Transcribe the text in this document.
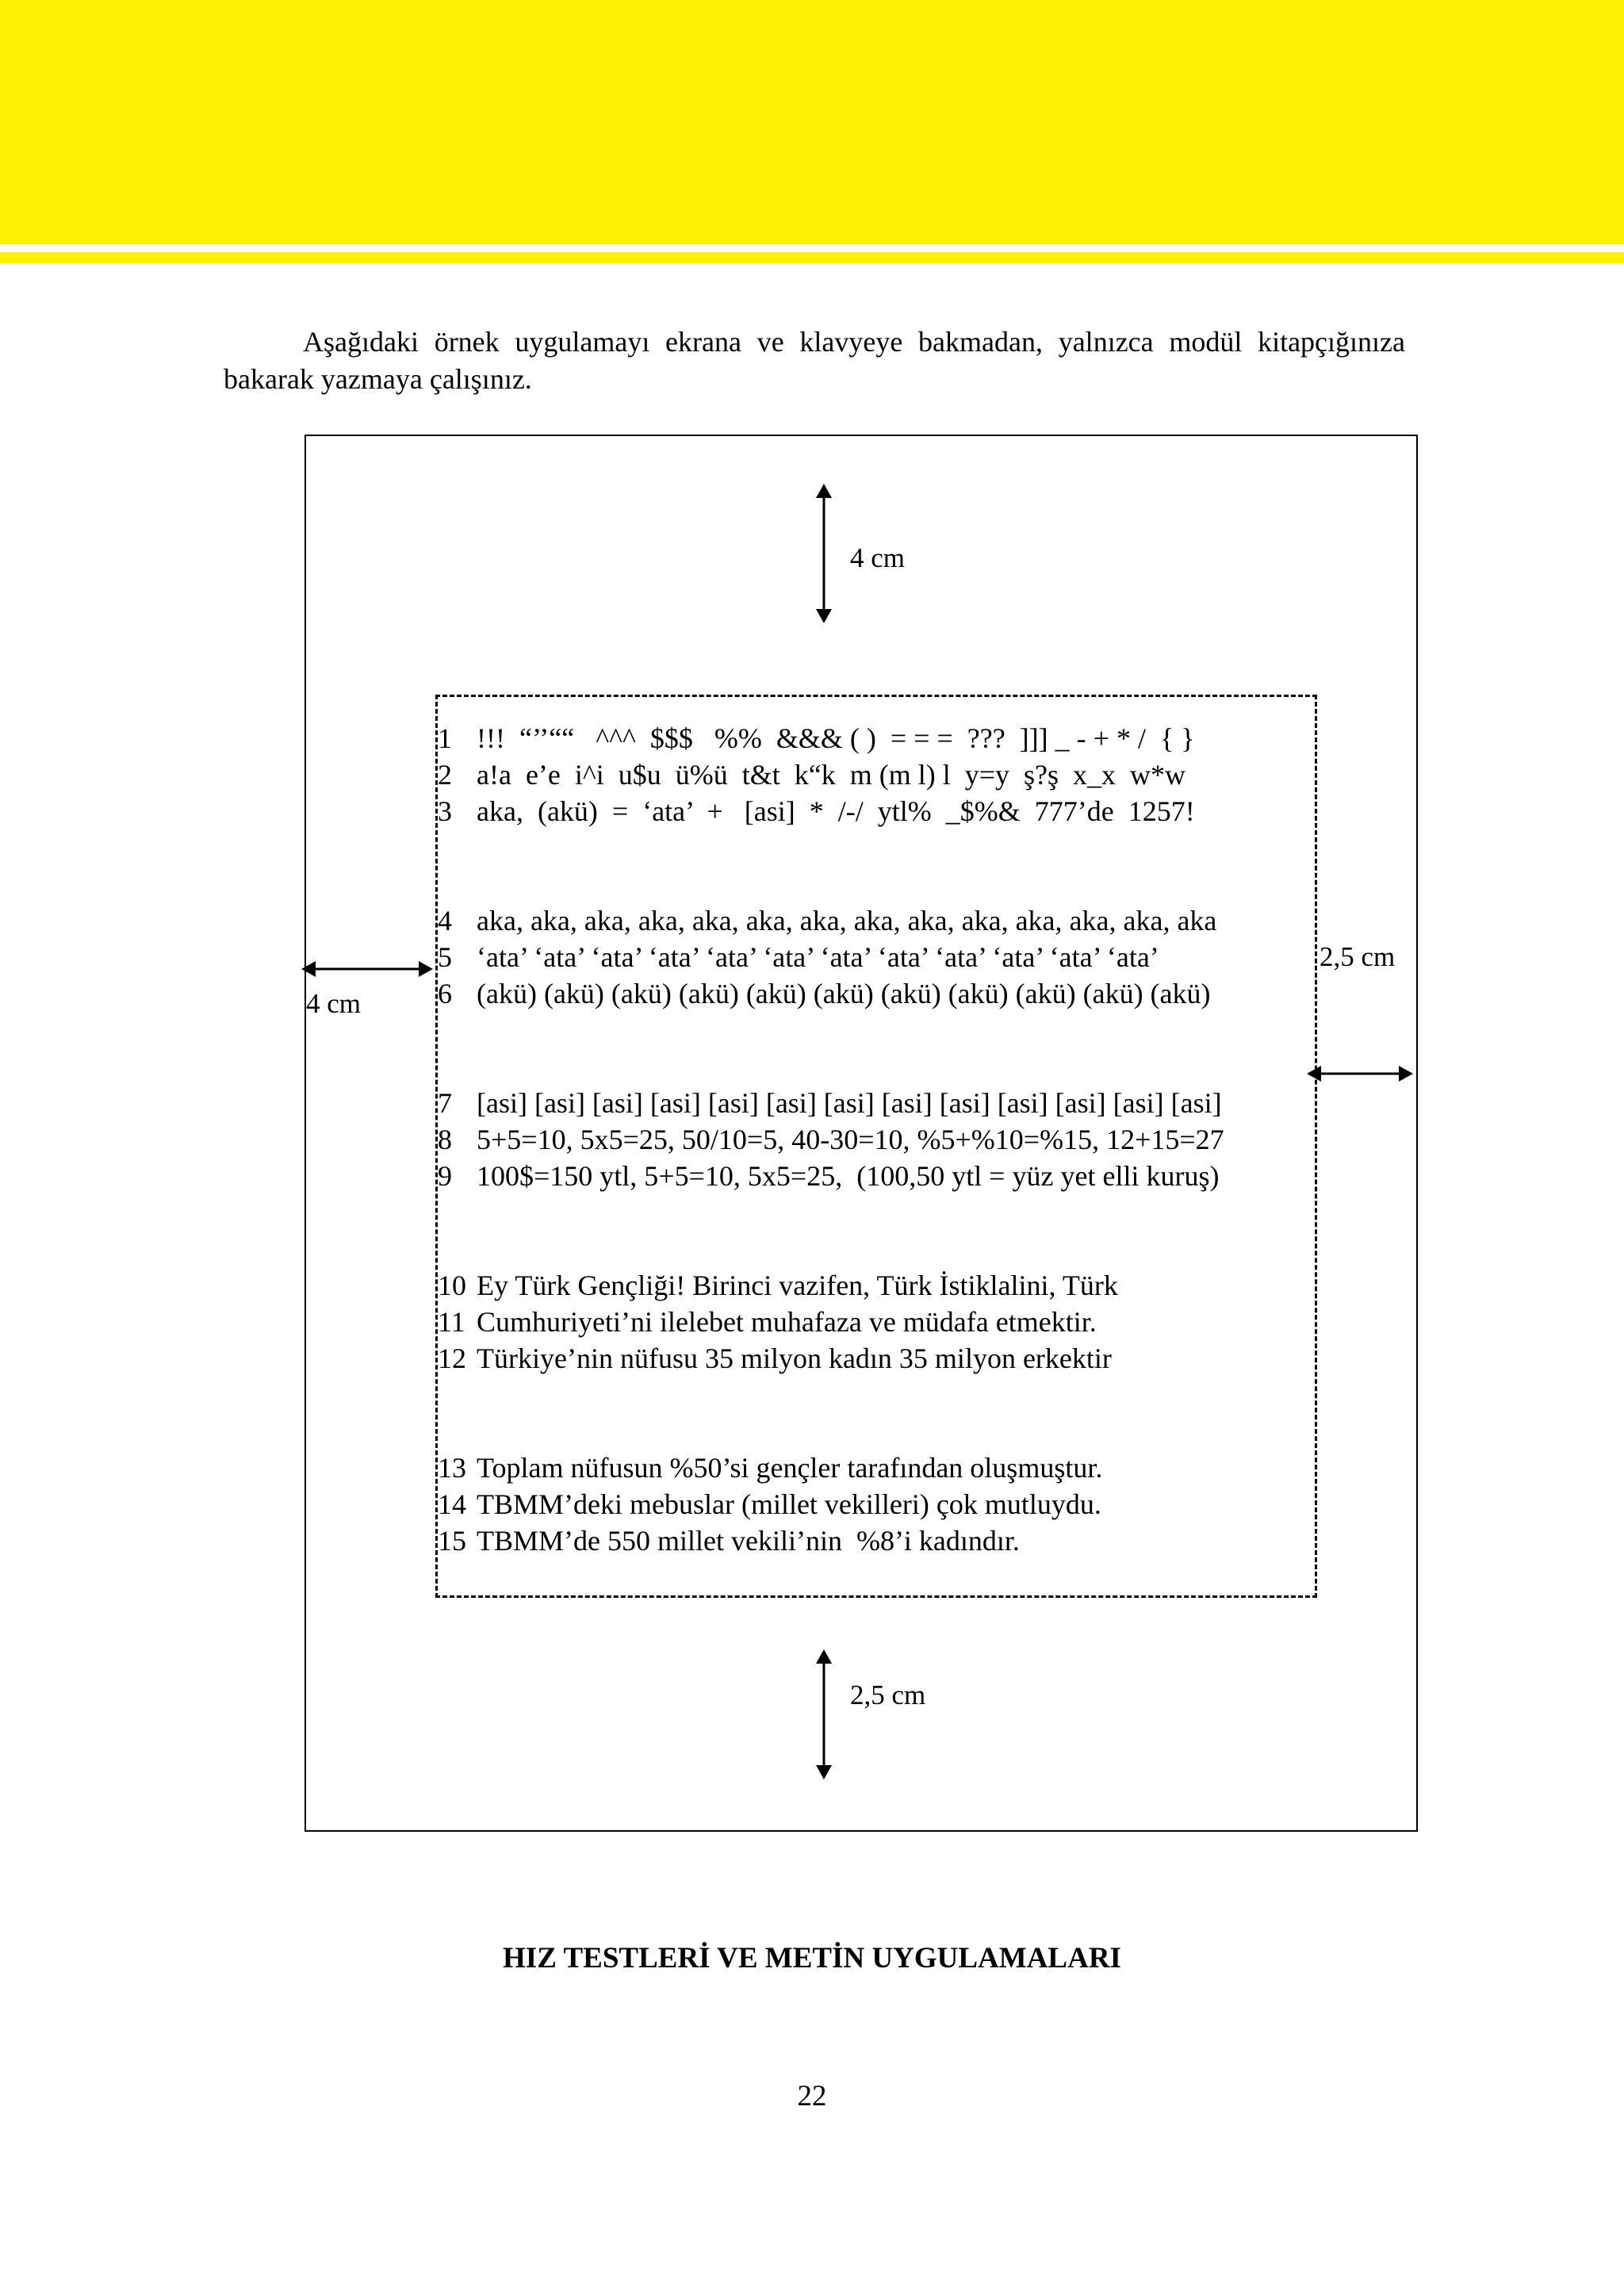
Aşağıdaki örnek uygulamayı ekrana ve klavyeye bakmadan, yalnızca modül kitapçığınıza bakarak yazmaya çalışınız.

4 cm
4 cm
2,5 cm
2,5 cm
1 !!!  “’’““   ^^^  $$$   %%  &&& ( )  = = =  ???  ]]] _ - + * /  { }
2 a!a  e’e  i^i  u$u  ü%ü  t&t  k“k  m (m l) l  y=y  ş?ş  x_x  w*w
3 aka,  (akü)  =  ‘ata’  +   [asi]  *  /-/  ytl%  _$%&  777’de  1257!
4 aka, aka, aka, aka, aka, aka, aka, aka, aka, aka, aka, aka, aka, aka
5 ‘ata’ ‘ata’ ‘ata’ ‘ata’ ‘ata’ ‘ata’ ‘ata’ ‘ata’ ‘ata’ ‘ata’ ‘ata’ ‘ata’
6 (akü) (akü) (akü) (akü) (akü) (akü) (akü) (akü) (akü) (akü) (akü)
7 [asi] [asi] [asi] [asi] [asi] [asi] [asi] [asi] [asi] [asi] [asi] [asi] [asi]
8 5+5=10, 5x5=25, 50/10=5, 40-30=10, %5+%10=%15, 12+15=27
9 100$=150 ytl, 5+5=10, 5x5=25,  (100,50 ytl = yüz yet elli kuruş)
10 Ey Türk Gençliği! Birinci vazifen, Türk İstiklalini, Türk
11 Cumhuriyeti’ni ilelebet muhafaza ve müdafa etmektir.
12 Türkiye’nin nüfusu 35 milyon kadın 35 milyon erkektir
13 Toplam nüfusun %50’si gençler tarafından oluşmuştur.
14 TBMM’deki mebuslar (millet vekilleri) çok mutluydu.
15 TBMM’de 550 millet vekili’nin  %8’i kadındır.
HIZ TESTLERİ VE METİN UYGULAMALARI
22
